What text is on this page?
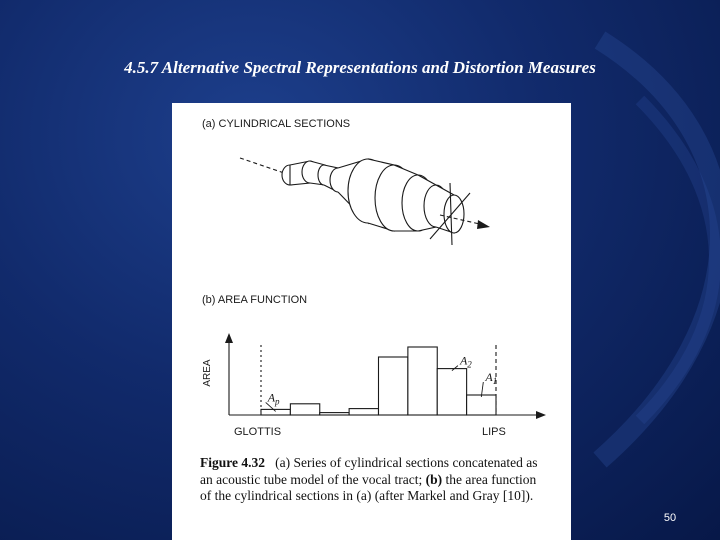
4.5.7 Alternative Spectral Representations and Distortion Measures
(a) CYLINDRICAL SECTIONS
(b) AREA FUNCTION
AREA
$A_p$
$A_2$
$A_1$
GLOTTIS	LIPS
Figure 4.32 (a) Series of cylindrical sections concatenated as an acoustic tube model of the vocal tract; (b) the area function of the cylindrical sections in (a) (after Markel and Gray [10]).
50
